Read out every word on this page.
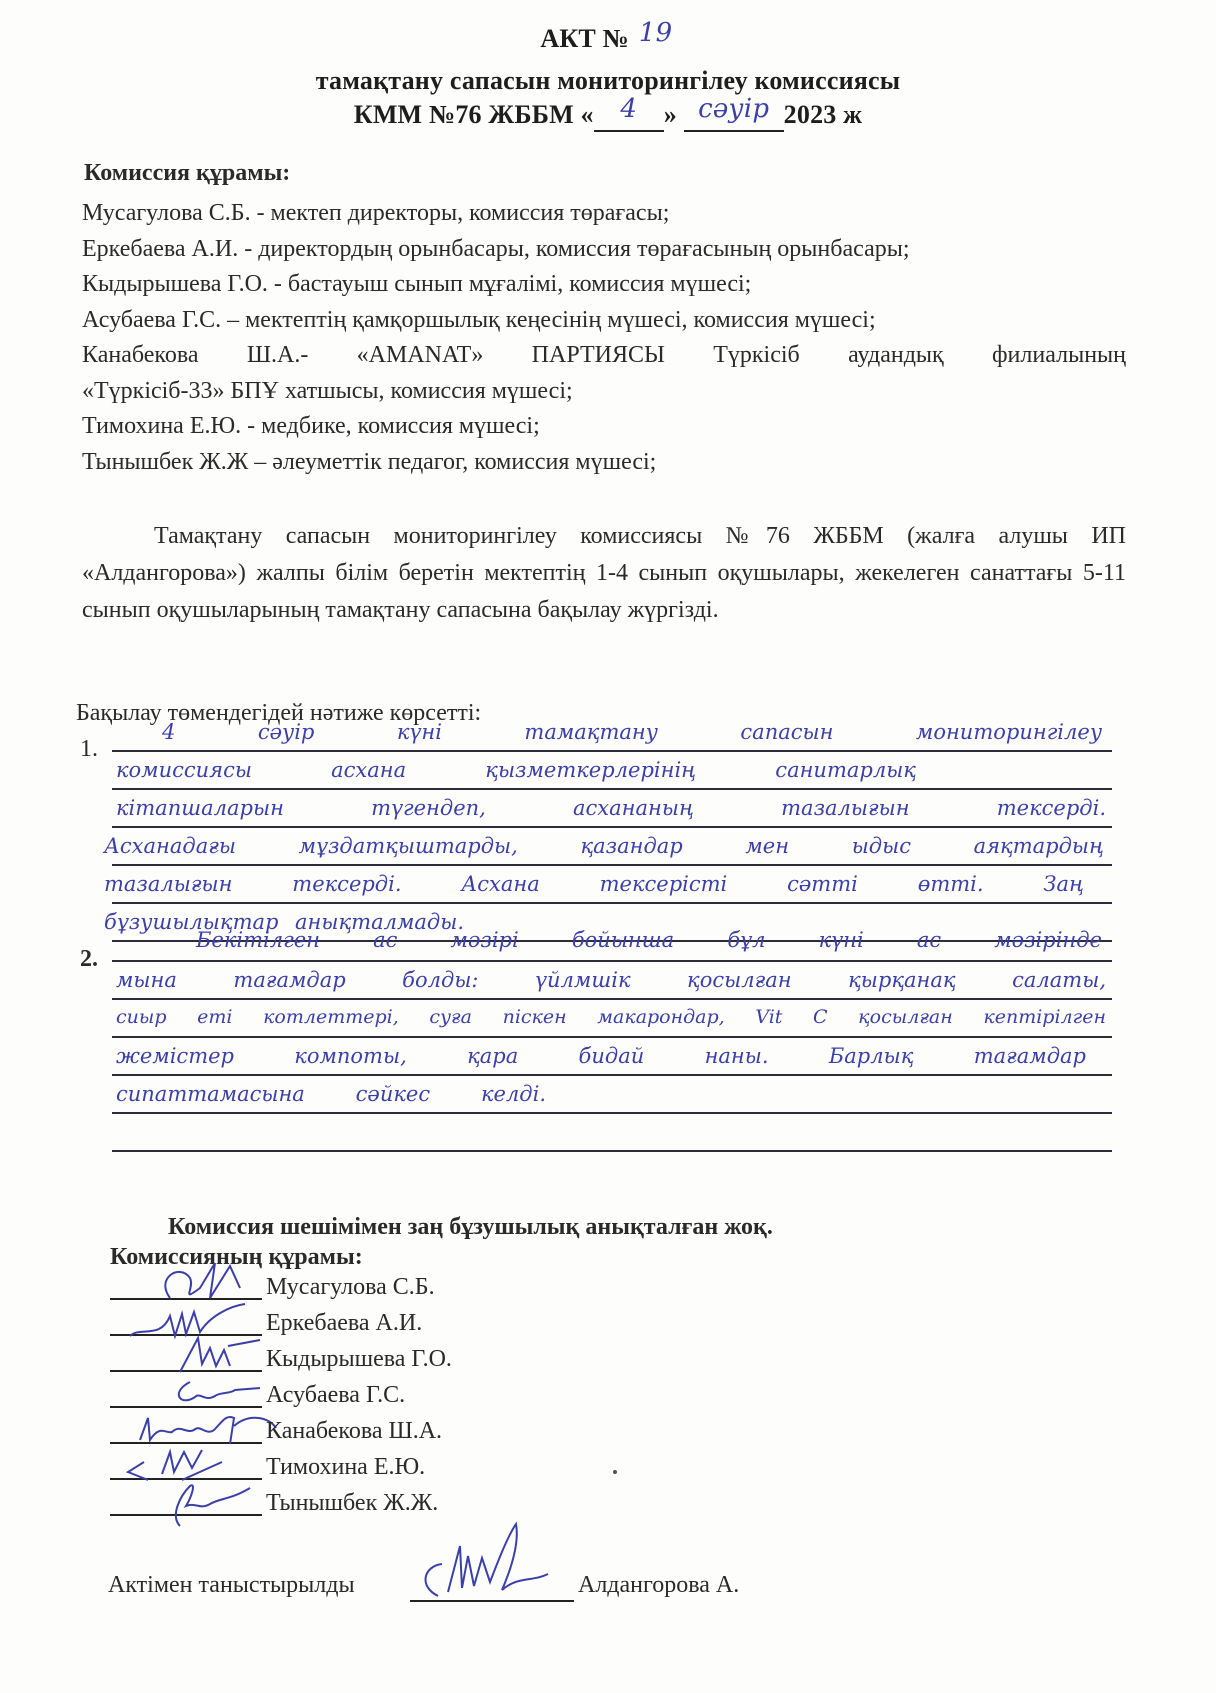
АКТ № 19
тамақтану сапасын мониторингілеу комиссиясы
КММ №76 ЖББМ « 4 » сәуір 2023 ж
Комиссия құрамы:
Мусагулова С.Б. - мектеп директоры, комиссия төрағасы;
Еркебаева А.И. - директордың орынбасары, комиссия төрағасының орынбасары;
Кыдырышева Г.О. - бастауыш сынып мұғалімі, комиссия мүшесі;
Асубаева Г.С. – мектептің қамқоршылық кеңесінің мүшесі, комиссия мүшесі;
Канабекова Ш.А.- «AMANAT» ПАРТИЯСЫ Түркісіб аудандық филиалының
«Түркісіб-33» БПҰ хатшысы, комиссия мүшесі;
Тимохина Е.Ю. - медбике, комиссия мүшесі;
Тынышбек Ж.Ж – әлеуметтік педагог, комиссия мүшесі;
Тамақтану сапасын мониторингілеу комиссиясы №76 ЖББМ (жалға алушы ИП «Алдангорова») жалпы білім беретін мектептің 1-4 сынып оқушылары, жекелеген санаттағы 5-11 сынып оқушыларының тамақтану сапасына бақылау жүргізді.
Бақылау төмендегідей нәтиже көрсетті:
1.
4 сәуір күні тамақтану сапасын мониторингілеу
комиссиясы асхана қызметкерлерінің санитарлық
кітапшаларын түгендеп, асхананың тазалығын тексерді.
Асханадағы мұздатқыштарды, қазандар мен ыдыс аяқтардың
тазалығын тексерді. Асхана тексерісті сәтті өтті. Заң
бұзушылықтар анықталмады.
2.
Бекітілген ас мәзірі бойынша бұл күні ас мәзірінде
мына тағамдар болды: үйлмшік қосылған қырқанақ салаты,
сиыр еті котлеттері, суға піскен макарондар, Vit C қосылған кептірілген
жемістер компоты, қара бидай наны. Барлық тағамдар
сипаттамасына сәйкес келді.
Комиссия шешімімен заң бұзушылық анықталған жоқ.
Комиссияның құрамы:
Мусагулова С.Б.
Еркебаева А.И.
Кыдырышева Г.О.
Асубаева Г.С.
Канабекова Ш.А.
Тимохина Е.Ю.
Тынышбек Ж.Ж.
Актімен таныстырылды	Алдангорова А.
